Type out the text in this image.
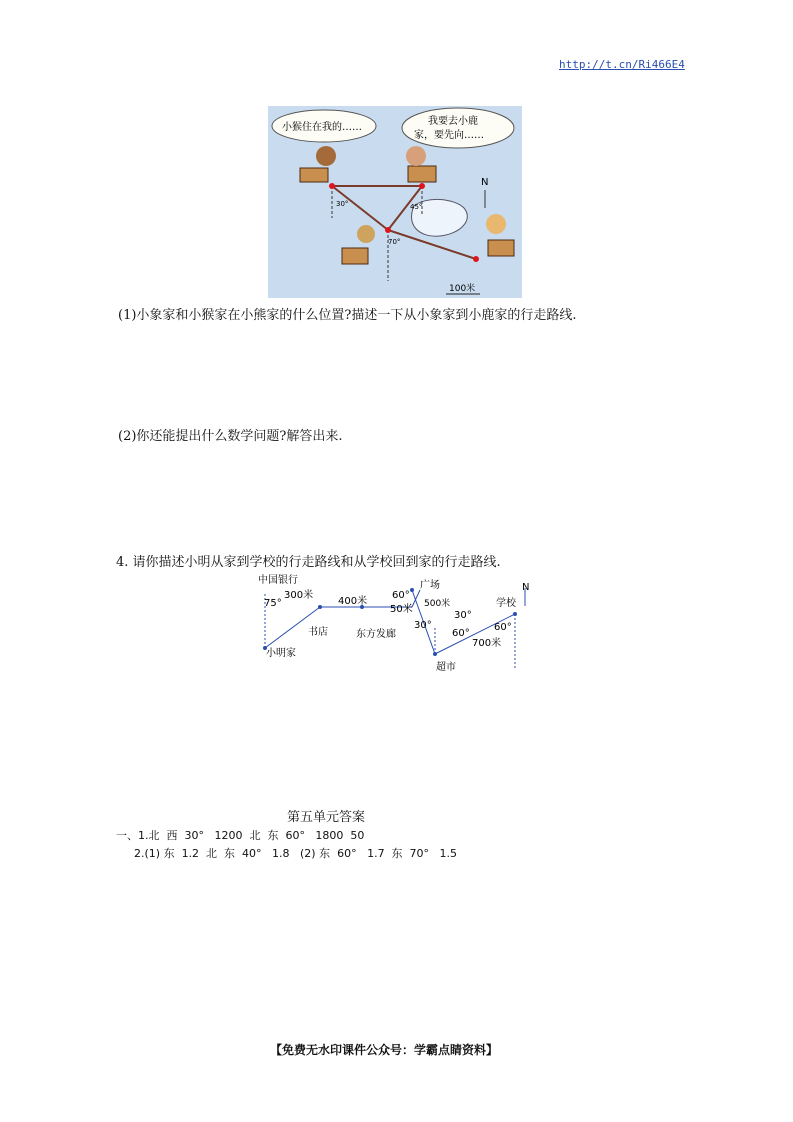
http://t.cn/Ri466E4
小猴住在我的……
我要去小鹿
家，要先向……
N
30°	45°
70°
100米
(1)小象家和小猴家在小熊家的什么位置?描述一下从小象家到小鹿家的行走路线.
(2)你还能提出什么数学问题?解答出来.
4. 请你描述小明从家到学校的行走路线和从学校回到家的行走路线.
N
中国银行
300米
75°
小明家
400米
书店	东方发廊
60°
50米
广场
500米
30°
30°
60°
超市
700米
60°
学校
第五单元答案
一、1.北  西  30°   1200  北  东  60°   1800  50
2.(1) 东  1.2  北  东  40°   1.8   (2) 东  60°   1.7  东  70°   1.5
【免费无水印课件公众号：学霸点睛资料】
